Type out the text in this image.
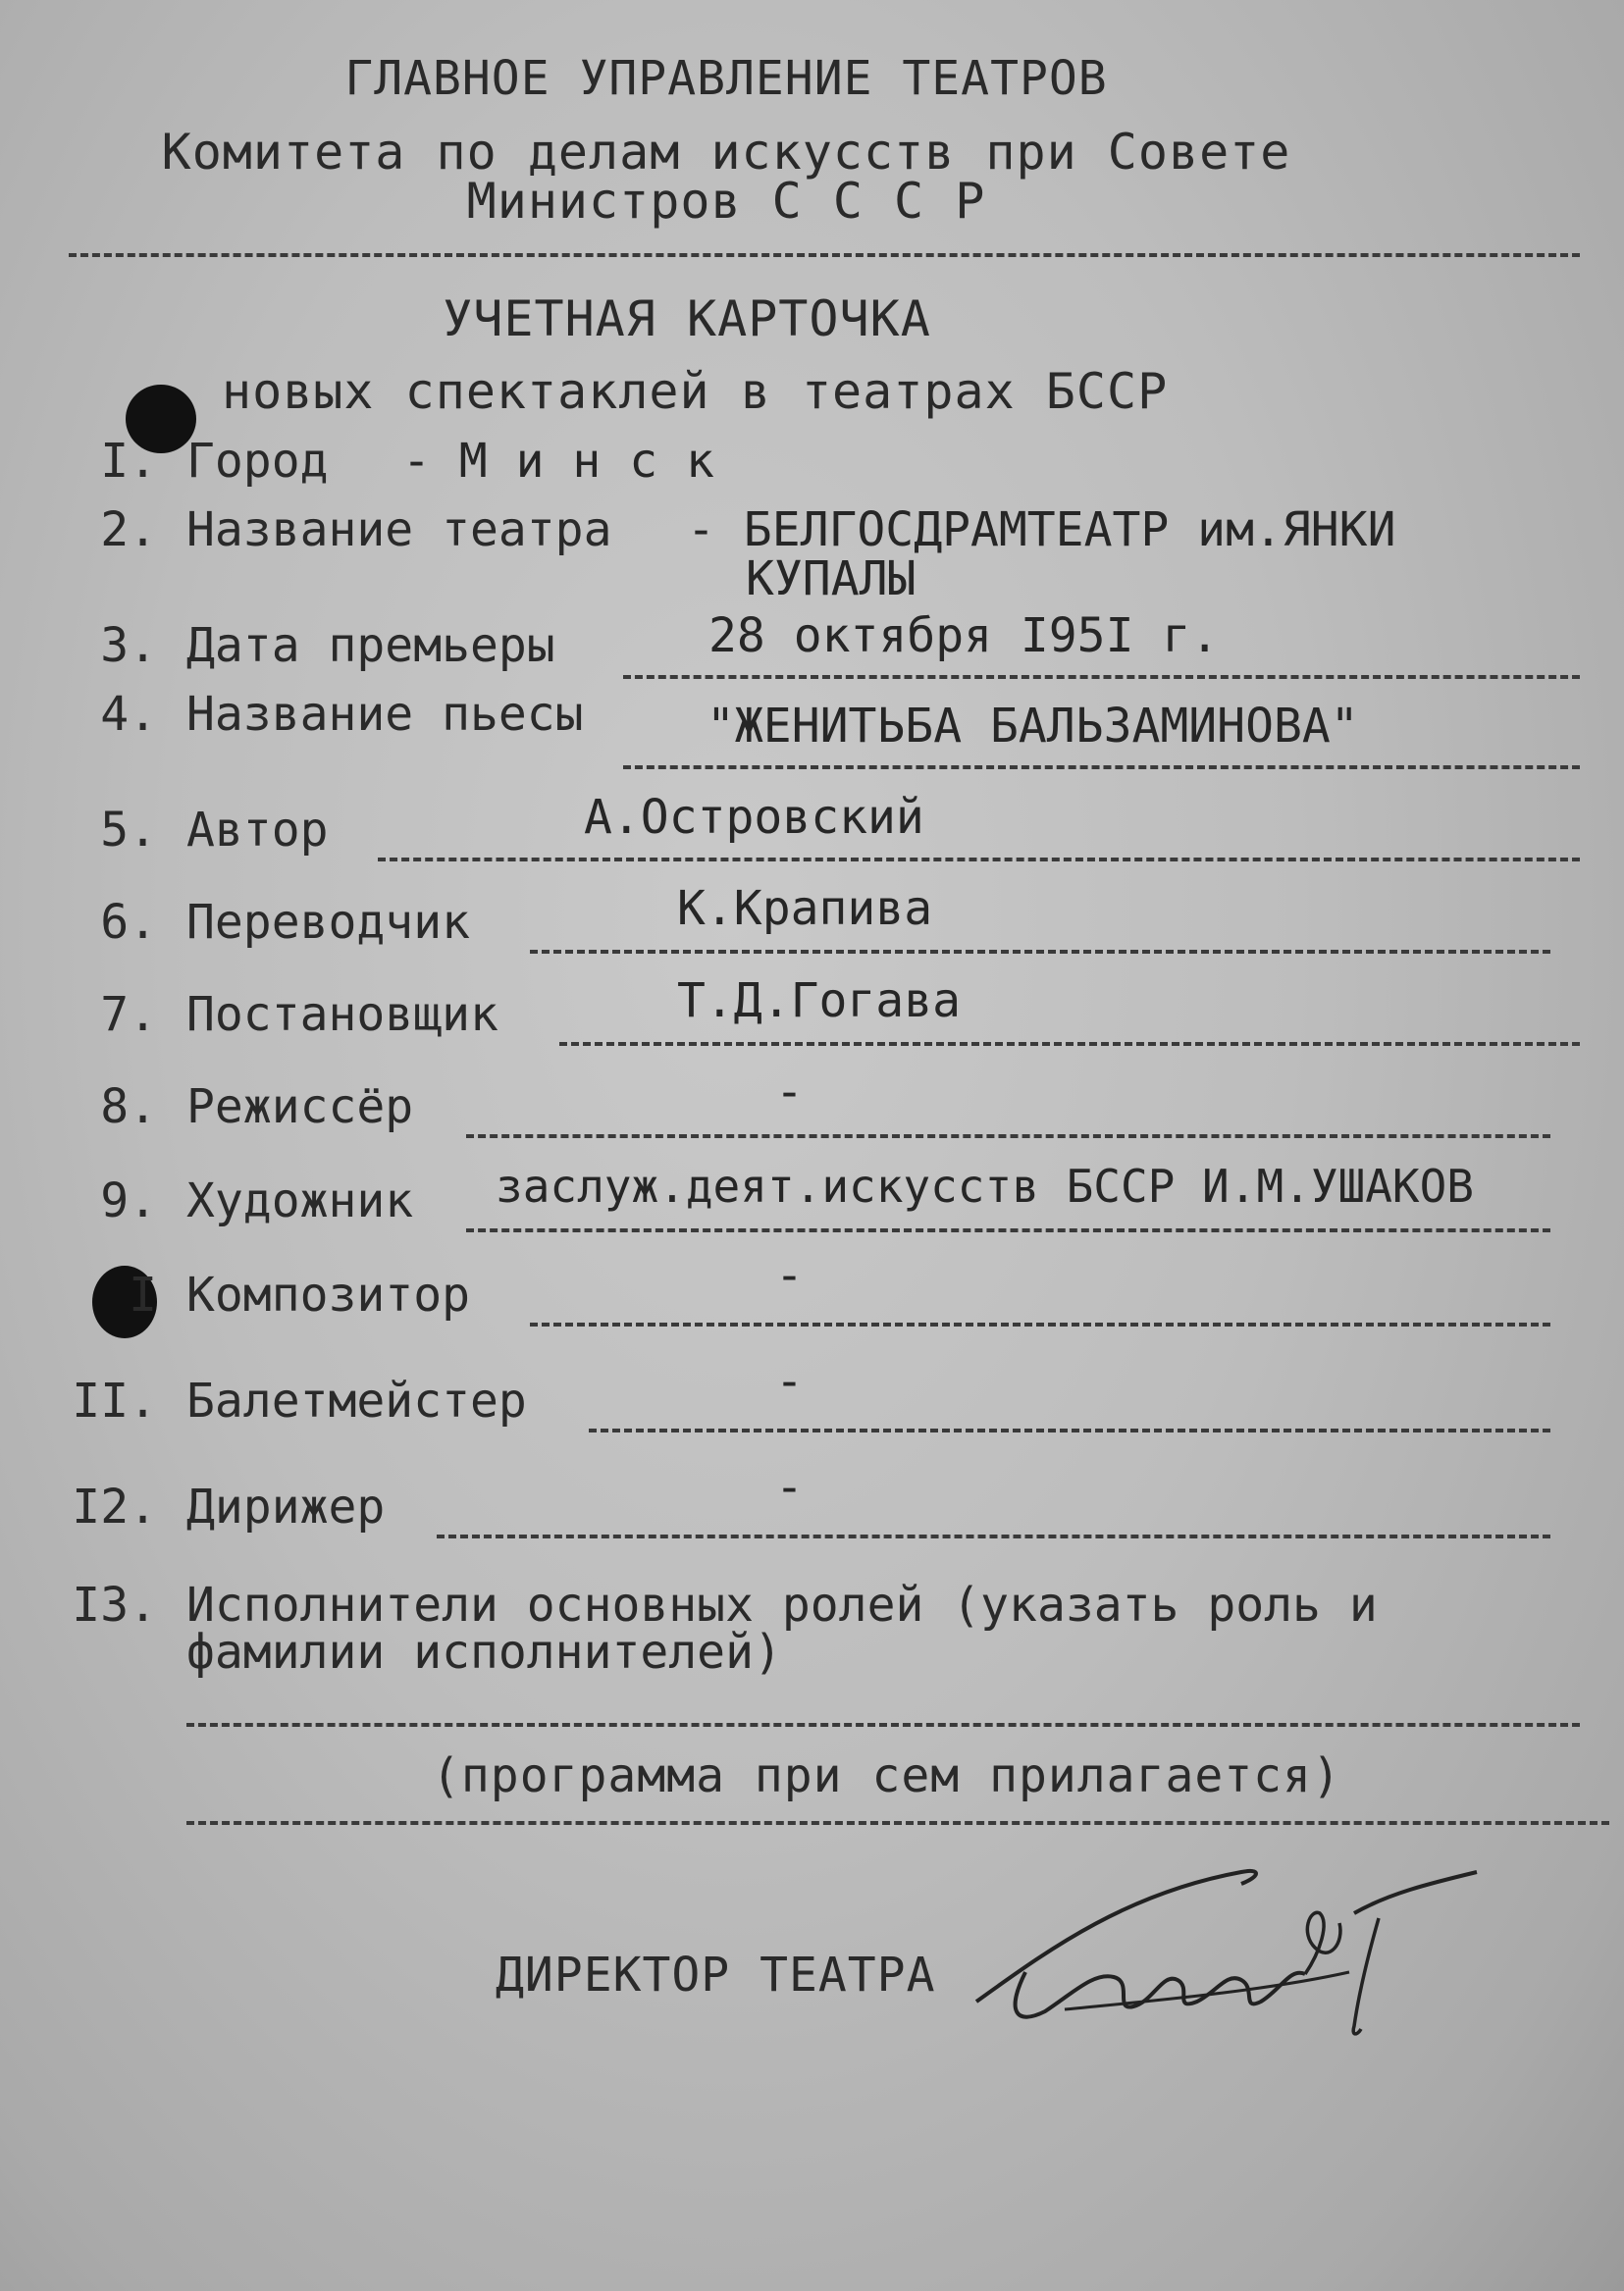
ГЛАВНОЕ УПРАВЛЕНИЕ ТЕАТРОВ
Комитета по делам искусств при Совете
Министров С С С Р
УЧЕТНАЯ КАРТОЧКА
новых спектаклей в театрах БССР
I. Город - М и н с к
2. Название театра - БЕЛГОСДРАМТЕАТР им.ЯНКИ
КУПАЛЫ
3. Дата премьеры	28 октября I95I г.
4. Название пьесы	"ЖЕНИТЬБА БАЛЬЗАМИНОВА"
5. Автор	А.Островский
6. Переводчик	К.Крапива
7. Постановщик	Т.Д.Гогава
8. Режиссёр	-
9. Художник заслуж.деят.искусств БССР И.М.УШАКОВ
I Композитор	-
II. Балетмейстер	-
I2. Дирижер	-
I3. Исполнители основных ролей (указать роль и
фамилии исполнителей)
(программа при сем прилагается)
ДИРЕКТОР ТЕАТРА
